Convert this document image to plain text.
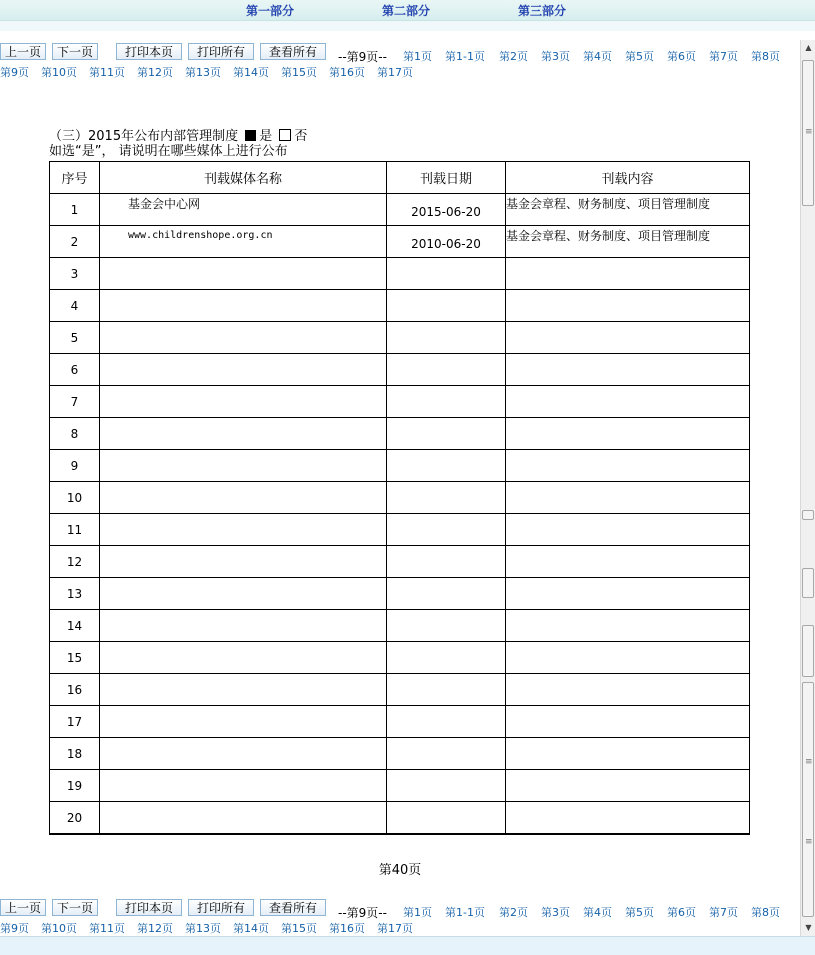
第一部分	第二部分	第三部分
上一页	下一页	打印本页	打印所有	查看所有	--第9页-- 第1页 第1-1页 第2页 第3页 第4页 第5页 第6页 第7页 第8页
第9页 第10页 第11页 第12页 第13页 第14页 第15页 第16页 第17页
（三）2015年公布内部管理制度 是 否
如选“是”， 请说明在哪些媒体上进行公布
序号	刊载媒体名称	刊载日期	刊载内容
1	基金会中心网	2015-06-20	基金会章程、财务制度、项目管理制度

2	www.childrenshope.org.cn	2010-06-20	基金会章程、财务制度、项目管理制度

3			
4			
5			
6			
7			
8			
9			
10			
11			
12			
13			
14			
15			
16			
17			
18			
19			
20			
第40页
上一页	下一页	打印本页	打印所有	查看所有	--第9页-- 第1页 第1-1页 第2页 第3页 第4页 第5页 第6页 第7页 第8页
第9页 第10页 第11页 第12页 第13页 第14页 第15页 第16页 第17页
▲
≡
≡
≡
▼
